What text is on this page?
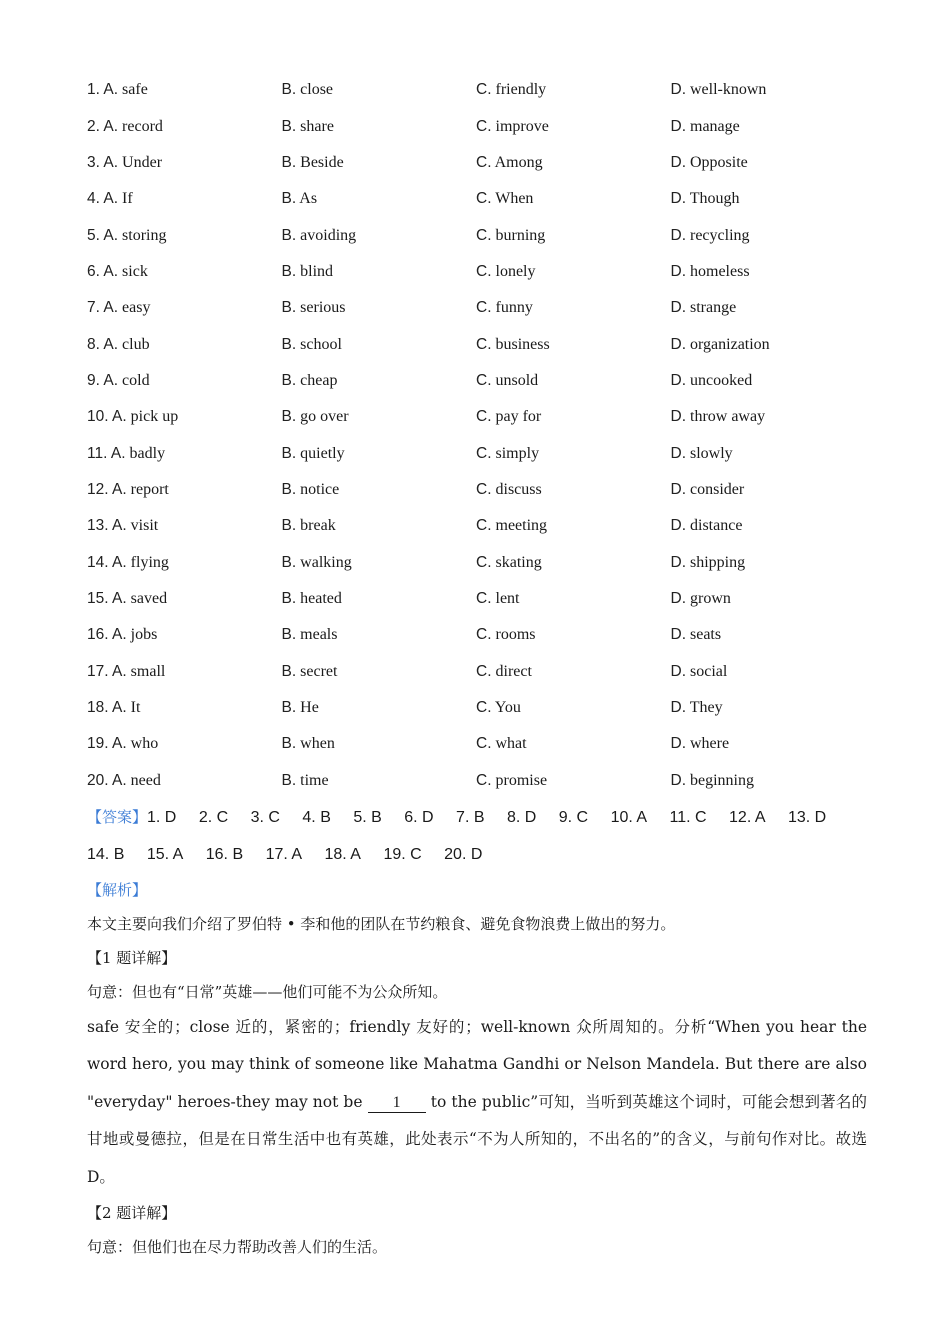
1. A. safe	B. close	C. friendly	D. well-known
2. A. record	B. share	C. improve	D. manage
3. A. Under	B. Beside	C. Among	D. Opposite
4. A. If	B. As	C. When	D. Though
5. A. storing	B. avoiding	C. burning	D. recycling
6. A. sick	B. blind	C. lonely	D. homeless
7. A. easy	B. serious	C. funny	D. strange
8. A. club	B. school	C. business	D. organization
9. A. cold	B. cheap	C. unsold	D. uncooked
10. A. pick up	B. go over	C. pay for	D. throw away
11. A. badly	B. quietly	C. simply	D. slowly
12. A. report	B. notice	C. discuss	D. consider
13. A. visit	B. break	C. meeting	D. distance
14. A. flying	B. walking	C. skating	D. shipping
15. A. saved	B. heated	C. lent	D. grown
16. A. jobs	B. meals	C. rooms	D. seats
17. A. small	B. secret	C. direct	D. social
18. A. It	B. He	C. You	D. They
19. A. who	B. when	C. what	D. where
20. A. need	B. time	C. promise	D. beginning
【答案】1. D 2. C 3. C 4. B 5. B 6. D 7. B 8. D 9. C 10. A 11. C 12. A 13. D 14. B 15. A 16. B 17. A 18. A 19. C 20. D
【解析】
本文主要向我们介绍了罗伯特 • 李和他的团队在节约粮食、避免食物浪费上做出的努力。
【1 题详解】
句意：但也有“日常”英雄——他们可能不为公众所知。
safe 安全的；close 近的，紧密的；friendly 友好的；well-known 众所周知的。分析“When you hear the word hero, you may think of someone like Mahatma Gandhi or Nelson Mandela. But there are also "everyday" heroes-they may not be 1 to the public”可知，当听到英雄这个词时，可能会想到著名的甘地或曼德拉，但是在日常生活中也有英雄，此处表示“不为人所知的，不出名的”的含义，与前句作对比。故选 D。
【2 题详解】
句意：但他们也在尽力帮助改善人们的生活。
